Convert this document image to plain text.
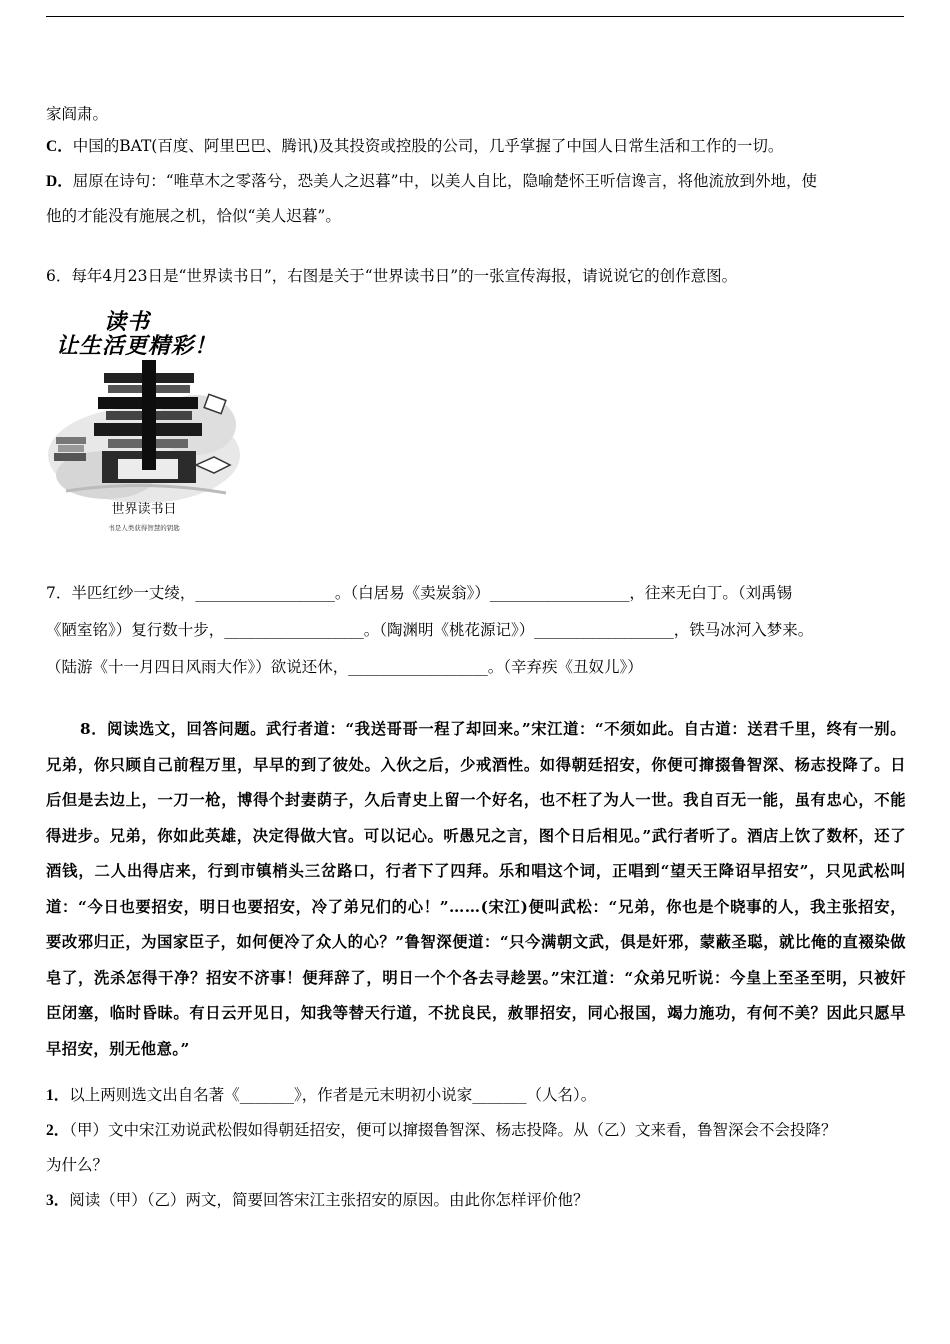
家阎肃。
C．中国的BAT(百度、阿里巴巴、腾讯)及其投资或控股的公司，几乎掌握了中国人日常生活和工作的一切。
D．屈原在诗句：“唯草木之零落兮，恐美人之迟暮”中，以美人自比，隐喻楚怀王听信谗言，将他流放到外地，使
他的才能没有施展之机，恰似“美人迟暮”。
6．每年4月23日是“世界读书日”，右图是关于“世界读书日”的一张宣传海报，请说说它的创作意图。
读书
让生活更精彩！
世界读书日
书是人类获得智慧的钥匙
7．半匹红纱一丈绫，__________________。（白居易《卖炭翁》）__________________，往来无白丁。（刘禹锡
《陋室铭》）复行数十步，__________________。（陶渊明《桃花源记》）__________________，铁马冰河入梦来。
（陆游《十一月四日风雨大作》）欲说还休，__________________。（辛弃疾《丑奴儿》）
8．阅读选文，回答问题。武行者道：“我送哥哥一程了却回来。”宋江道：“不须如此。自古道：送君千里，终有一别。兄弟，你只顾自己前程万里，早早的到了彼处。入伙之后，少戒酒性。如得朝廷招安，你便可撺掇鲁智深、杨志投降了。日后但是去边上，一刀一枪，博得个封妻荫子，久后青史上留一个好名，也不枉了为人一世。我自百无一能，虽有忠心，不能得进步。兄弟，你如此英雄，决定得做大官。可以记心。听愚兄之言，图个日后相见。”武行者听了。酒店上饮了数杯，还了酒钱，二人出得店来，行到市镇梢头三岔路口，行者下了四拜。乐和唱这个词，正唱到“望天王降诏早招安”，只见武松叫道：“今日也要招安，明日也要招安，冷了弟兄们的心！”……(宋江)便叫武松：“兄弟，你也是个晓事的人，我主张招安，要改邪归正，为国家臣子，如何便冷了众人的心？”鲁智深便道：“只今满朝文武，俱是奸邪，蒙蔽圣聪，就比俺的直裰染做皂了，洗杀怎得干净？招安不济事！便拜辞了，明日一个个各去寻趁罢。”宋江道：“众弟兄听说：今皇上至圣至明，只被奸臣闭塞，临时昏昧。有日云开见日，知我等替天行道，不扰良民，赦罪招安，同心报国，竭力施功，有何不美？因此只愿早早招安，别无他意。”
1．以上两则选文出自名著《_______》，作者是元末明初小说家_______（人名）。
2．（甲）文中宋江劝说武松假如得朝廷招安，便可以撺掇鲁智深、杨志投降。从（乙）文来看，鲁智深会不会投降？
为什么？
3．阅读（甲）（乙）两文，简要回答宋江主张招安的原因。由此你怎样评价他？
